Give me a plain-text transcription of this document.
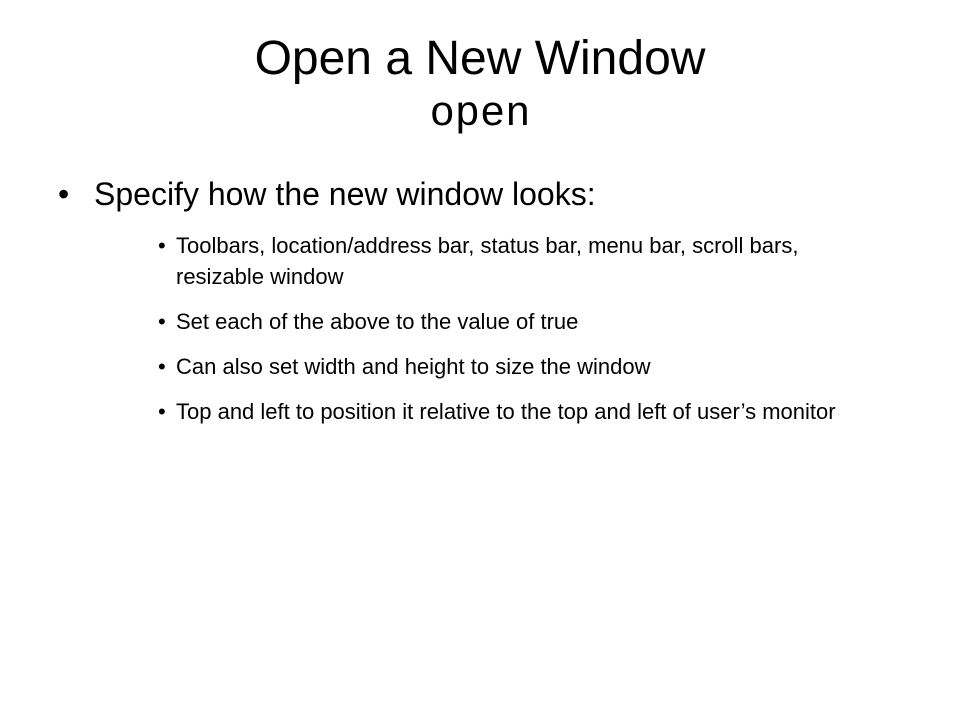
Open a New Window
open
• Specify how the new window looks:
• Toolbars, location/address bar, status bar, menu bar, scroll bars, resizable window
• Set each of the above to the value of true
• Can also set width and height to size the window
• Top and left to position it relative to the top and left of user’s monitor
